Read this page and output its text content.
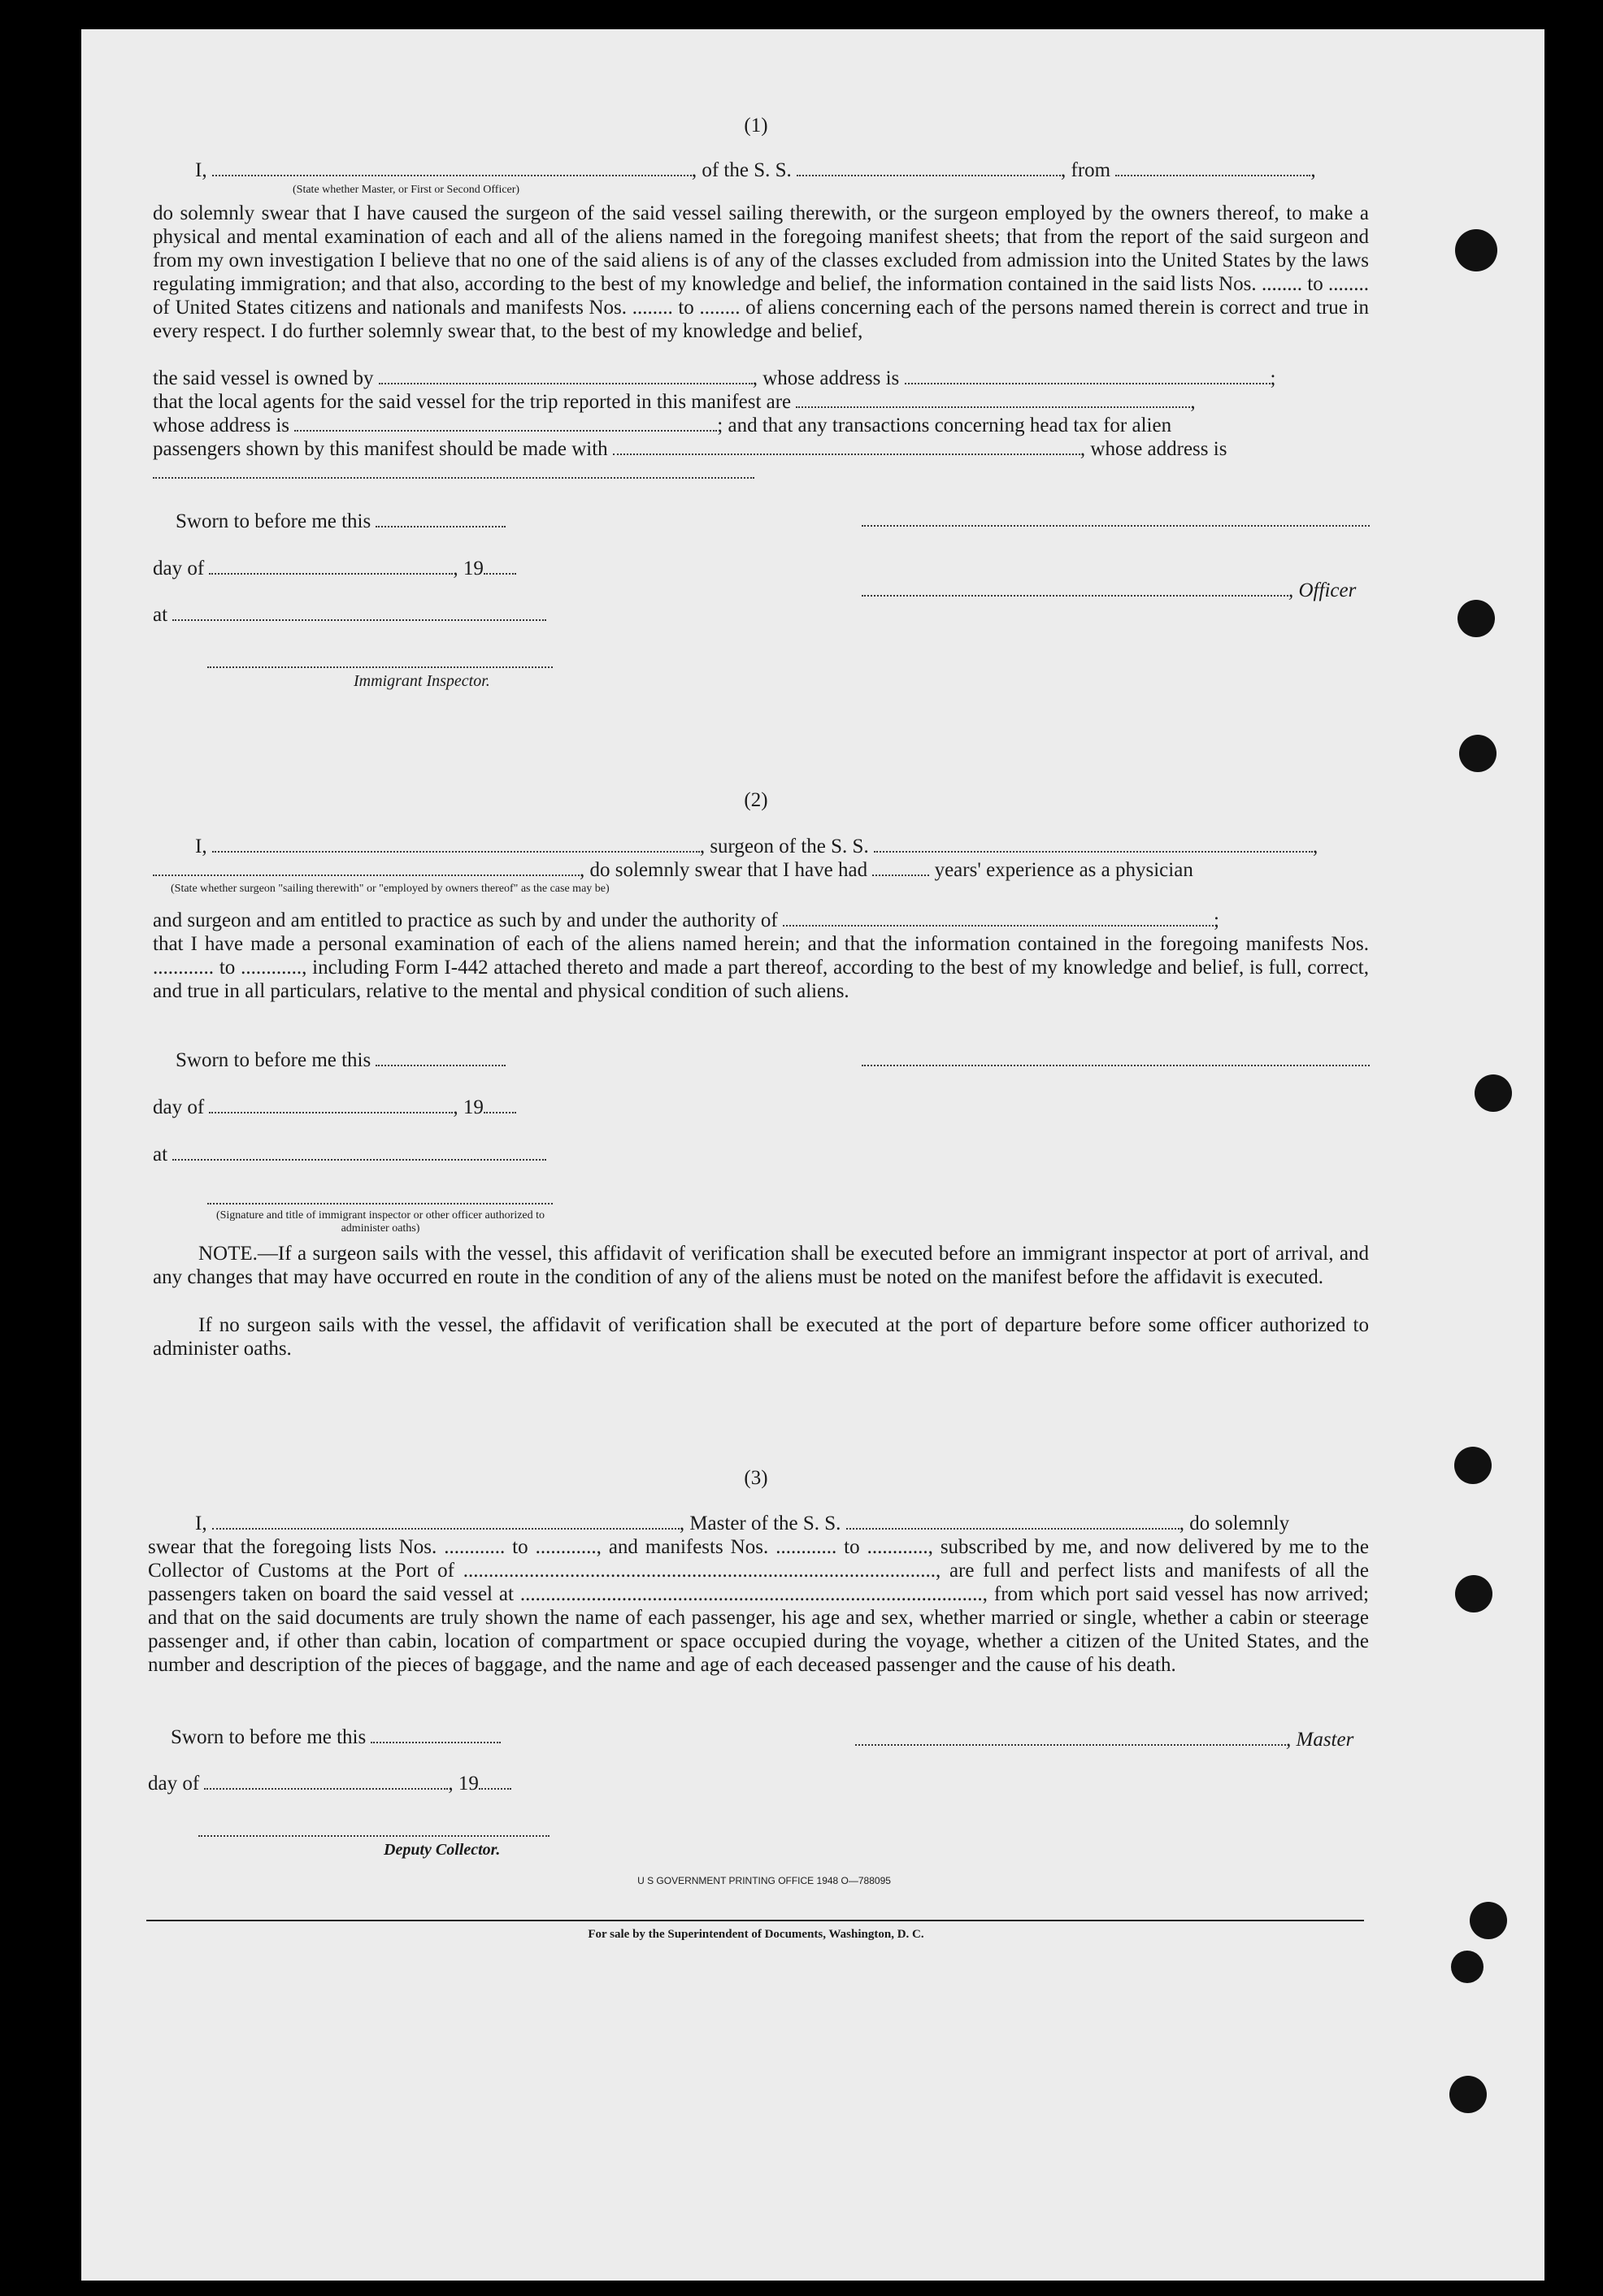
(1)
I,	, of the S. S.	, from	,
(State whether Master, or First or Second Officer)

do solemnly swear that I have caused the surgeon of the said vessel sailing therewith, or the surgeon employed by the owners thereof, to make a physical and mental examination of each and all of the aliens named in the foregoing manifest sheets; that from the report of the said surgeon and from my own investigation I believe that no one of the said aliens is of any of the classes excluded from admission into the United States by the laws regulating immigration; and that also, according to the best of my knowledge and belief, the information contained in the said lists Nos. ........ to ........ of United States citizens and nationals and manifests Nos. ........ to ........ of aliens concerning each of the persons named therein is correct and true in every respect. I do further solemnly swear that, to the best of my knowledge and belief,

the said vessel is owned by	, whose address is	;
that the local agents for the said vessel for the trip reported in this manifest are	,
whose address is	; and that any transactions concerning head tax for alien
passengers shown by this manifest should be made with	, whose address is
Sworn to before me this
day of	, 19
at
, Officer
Immigrant Inspector.
(2)
I,	, surgeon of the S. S.	,
, do solemnly swear that I have had	years' experience as a physician
(State whether surgeon "sailing therewith" or "employed by owners thereof" as the case may be)
and surgeon and am entitled to practice as such by and under the authority of	;

that I have made a personal examination of each of the aliens named herein; and that the information contained in the foregoing manifests Nos. ............ to ............, including Form I-442 attached thereto and made a part thereof, according to the best of my knowledge and belief, is full, correct, and true in all particulars, relative to the mental and physical condition of such aliens.

Sworn to before me this
day of	, 19
at
(Signature and title of immigrant inspector or other officer authorized to administer oaths)

NOTE.—If a surgeon sails with the vessel, this affidavit of verification shall be executed before an immigrant inspector at port of arrival, and any changes that may have occurred en route in the condition of any of the aliens must be noted on the manifest before the affidavit is executed.

If no surgeon sails with the vessel, the affidavit of verification shall be executed at the port of departure before some officer authorized to administer oaths.

(3)
I,	, Master of the S. S.	, do solemnly

swear that the foregoing lists Nos. ............ to ............, and manifests Nos. ............ to ............, subscribed by me, and now delivered by me to the Collector of Customs at the Port of ............................................................................................., are full and perfect lists and manifests of all the passengers taken on board the said vessel at ..........................................................................................., from which port said vessel has now arrived; and that on the said documents are truly shown the name of each passenger, his age and sex, whether married or single, whether a cabin or steerage passenger and, if other than cabin, location of compartment or space occupied during the voyage, whether a citizen of the United States, and the number and description of the pieces of baggage, and the name and age of each deceased passenger and the cause of his death.

Sworn to before me this	, Master
day of	, 19
Deputy Collector.
U S GOVERNMENT PRINTING OFFICE 1948 O—788095
For sale by the Superintendent of Documents, Washington, D. C.
